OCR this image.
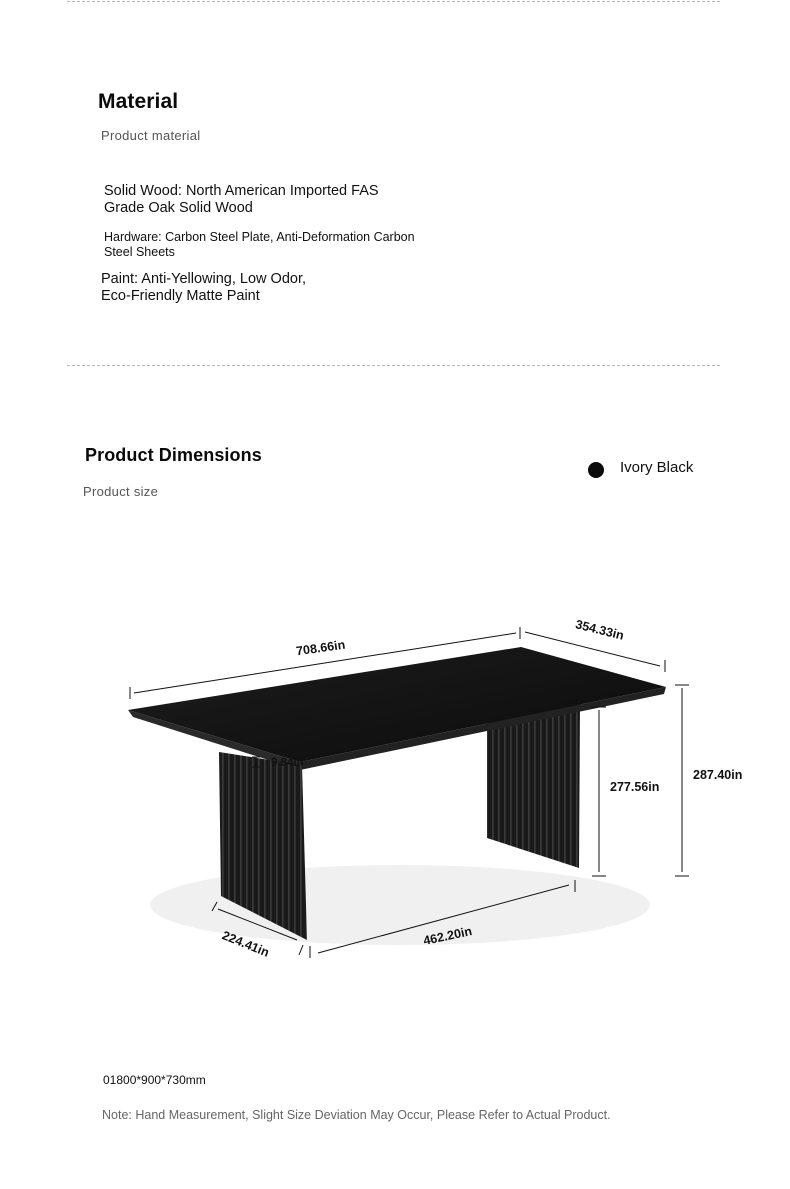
Material
Product material
Solid Wood: North American Imported FAS
Grade Oak Solid Wood
Hardware: Carbon Steel Plate, Anti-Deformation Carbon
Steel Sheets
Paint: Anti-Yellowing, Low Odor,
Eco-Friendly Matte Paint
Product Dimensions
Product size
Ivory Black
708.66in
354.33in
287.40in
277.56in
9.84in
224.41in	462.20in
01800*900*730mm
Note: Hand Measurement, Slight Size Deviation May Occur, Please Refer to Actual Product.
